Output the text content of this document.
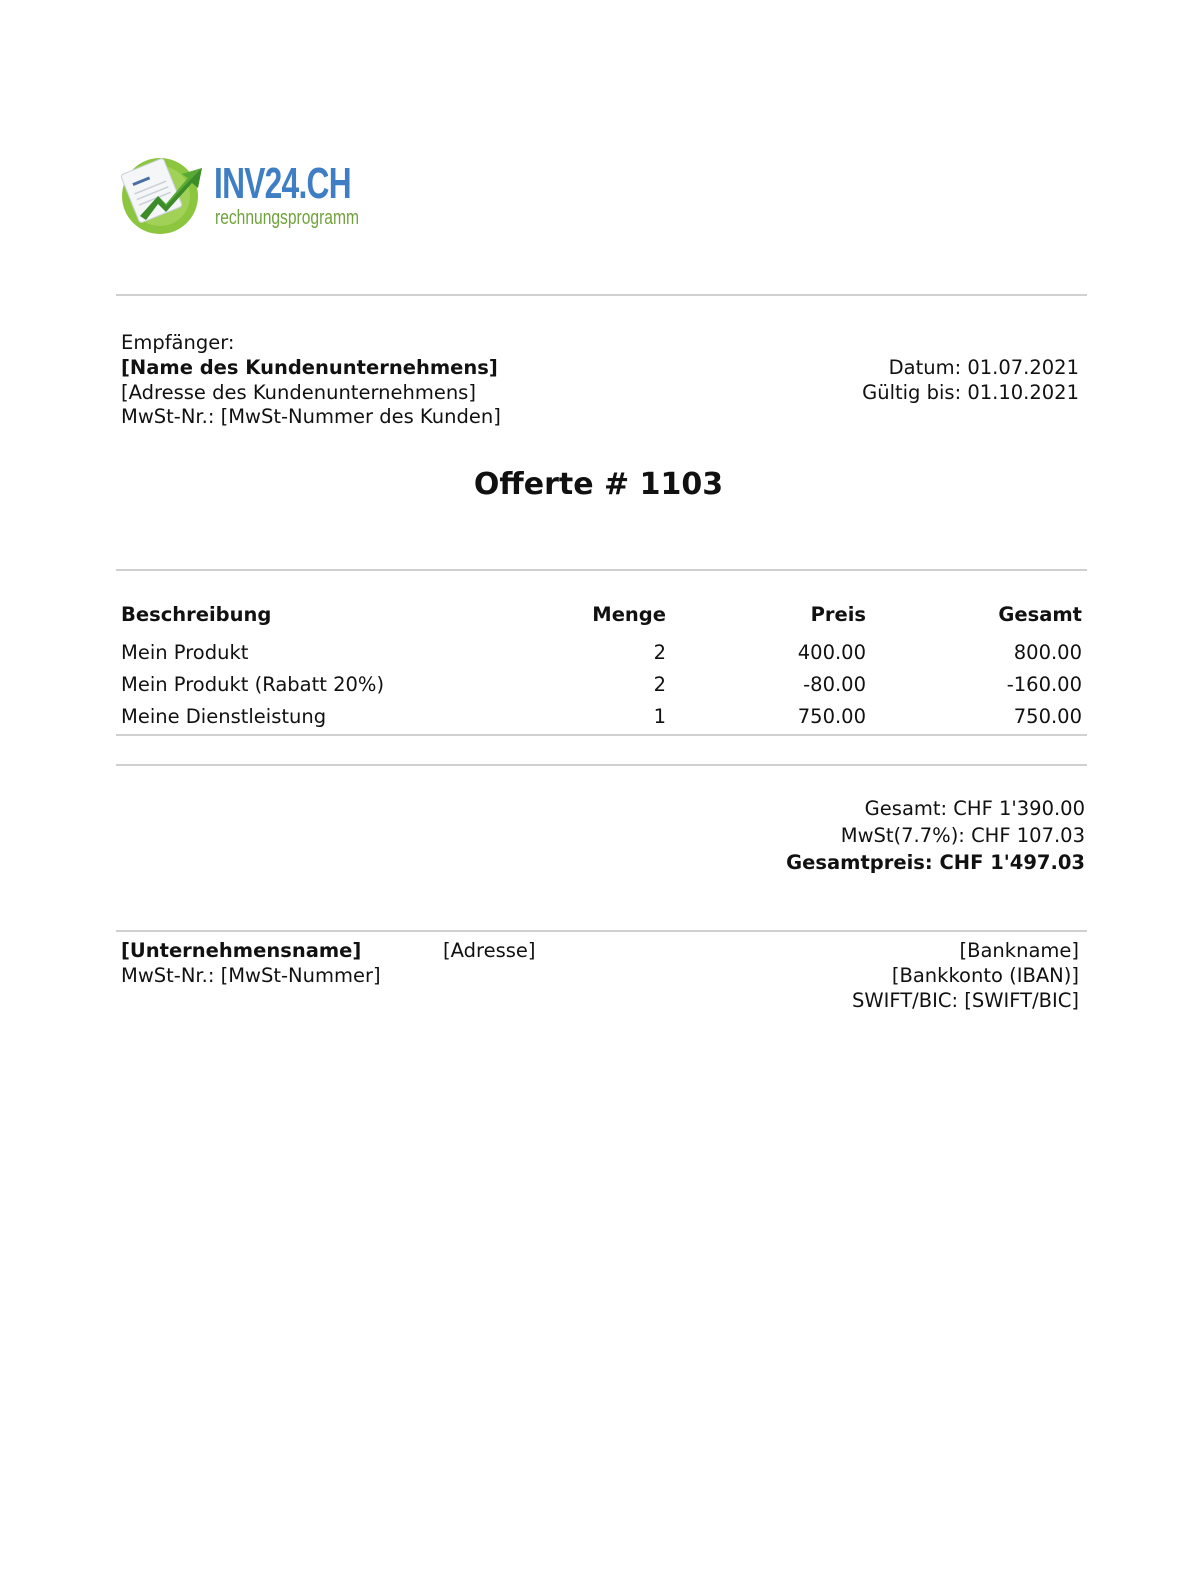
INV24.CH
rechnungsprogramm
Empfänger:
[Name des Kundenunternehmens]
[Adresse des Kundenunternehmens]
MwSt-Nr.: [MwSt-Nummer des Kunden]
Datum: 01.07.2021
Gültig bis: 01.10.2021
Offerte # 1103
Beschreibung	Menge	Preis	Gesamt
Mein Produkt	2	400.00	800.00
Mein Produkt (Rabatt 20%)	2	-80.00	-160.00
Meine Dienstleistung	1	750.00	750.00
Gesamt: CHF 1'390.00
MwSt(7.7%): CHF 107.03
Gesamtpreis: CHF 1'497.03
[Unternehmensname]
MwSt-Nr.: [MwSt-Nummer]
[Adresse]	[Bankname]
[Bankkonto (IBAN)]
SWIFT/BIC: [SWIFT/BIC]
